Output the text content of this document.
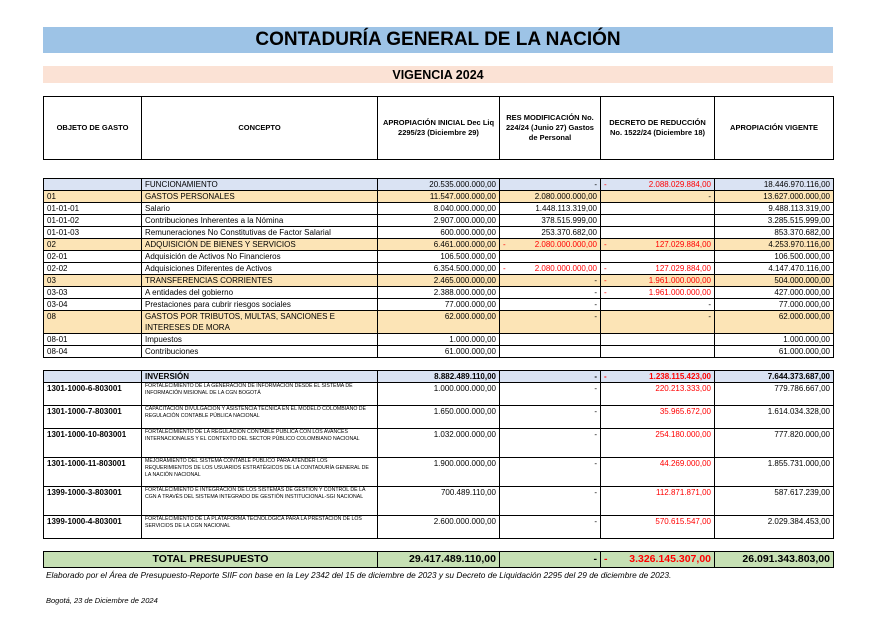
CONTADURÍA GENERAL DE LA NACIÓN
VIGENCIA 2024
OBJETO DE GASTO	CONCEPTO	APROPIACIÓN INICIAL Dec Liq 2295/23 (Diciembre 29)	RES MODIFICACIÓN No. 224/24 (Junio 27) Gastos de Personal	DECRETO DE REDUCCIÓN No. 1522/24 (Diciembre 18)	APROPIACIÓN VIGENTE

	FUNCIONAMIENTO	20.535.000.000,00	-	- 2.088.029.884,00	18.446.970.116,00
01	GASTOS PERSONALES	11.547.000.000,00	2.080.000.000,00	-	13.627.000.000,00
01-01-01	Salario	8.040.000.000,00	1.448.113.319,00		9.488.113.319,00
01-01-02	Contribuciones Inherentes a la Nómina	2.907.000.000,00	378.515.999,00		3.285.515.999,00
01-01-03	Remuneraciones No Constitutivas de Factor Salarial	600.000.000,00	253.370.682,00		853.370.682,00
02	ADQUISICIÓN DE BIENES Y SERVICIOS	6.461.000.000,00	- 2.080.000.000,00	- 127.029.884,00	4.253.970.116,00
02-01	Adquisición de Activos No Financieros	106.500.000,00			106.500.000,00
02-02	Adquisiciones Diferentes de Activos	6.354.500.000,00	- 2.080.000.000,00	- 127.029.884,00	4.147.470.116,00
03	TRANSFERENCIAS CORRIENTES	2.465.000.000,00	-	- 1.961.000.000,00	504.000.000,00
03-03	A entidades del gobierno	2.388.000.000,00	-	- 1.961.000.000,00	427.000.000,00
03-04	Prestaciones para cubrir riesgos sociales	77.000.000,00	-	-	77.000.000,00
08	GASTOS POR TRIBUTOS, MULTAS, SANCIONES E INTERESES DE MORA	62.000.000,00	-	-	62.000.000,00
08-01	Impuestos	1.000.000,00			1.000.000,00
08-04	Contribuciones	61.000.000,00			61.000.000,00

	INVERSIÓN	8.882.489.110,00	-	- 1.238.115.423,00	7.644.373.687,00
1301-1000-6-803001	FORTALECIMIENTO DE LA GENERACIÓN DE INFORMACIÓN DESDE EL SISTEMA DE INFORMACIÓN MISIONAL DE LA CGN BOGOTÁ	1.000.000.000,00	-	220.213.333,00	779.786.667,00
1301-1000-7-803001	CAPACITACIÓN DIVULGACIÓN Y ASISTENCIA TÉCNICA EN EL MODELO COLOMBIANO DE REGULACIÓN CONTABLE PÚBLICA NACIONAL	1.650.000.000,00	-	35.965.672,00	1.614.034.328,00
1301-1000-10-803001	FORTALECIMIENTO DE LA REGULACIÓN CONTABLE PÚBLICA CON LOS AVANCES INTERNACIONALES Y EL CONTEXTO DEL SECTOR PÚBLICO COLOMBIANO NACIONAL	1.032.000.000,00	-	254.180.000,00	777.820.000,00
1301-1000-11-803001	MEJORAMIENTO DEL SISTEMA CONTABLE PÚBLICO PARA ATENDER LOS REQUERIMIENTOS DE LOS USUARIOS ESTRATÉGICOS DE LA CONTADURÍA GENERAL DE LA NACIÓN NACIONAL	1.900.000.000,00	-	44.269.000,00	1.855.731.000,00
1399-1000-3-803001	FORTALECIMIENTO E INTEGRACIÓN DE LOS SISTEMAS DE GESTIÓN Y CONTROL DE LA CGN A TRAVÉS DEL SISTEMA INTEGRADO DE GESTIÓN INSTITUCIONAL-SGI NACIONAL	700.489.110,00	-	112.871.871,00	587.617.239,00
1399-1000-4-803001	FORTALECIMIENTO DE LA PLATAFORMA TECNOLÓGICA PARA LA PRESTACIÓN DE LOS SERVICIOS DE LA CGN NACIONAL	2.600.000.000,00	-	570.615.547,00	2.029.384.453,00

TOTAL PRESUPUESTO		29.417.489.110,00	-	- 3.326.145.307,00	26.091.343.803,00
Elaborado por el Área de Presupuesto-Reporte SIIF con base en la Ley 2342 del 15 de diciembre de 2023 y su Decreto de Liquidación 2295 del 29 de diciembre de 2023.
Bogotá, 23 de Diciembre de 2024
